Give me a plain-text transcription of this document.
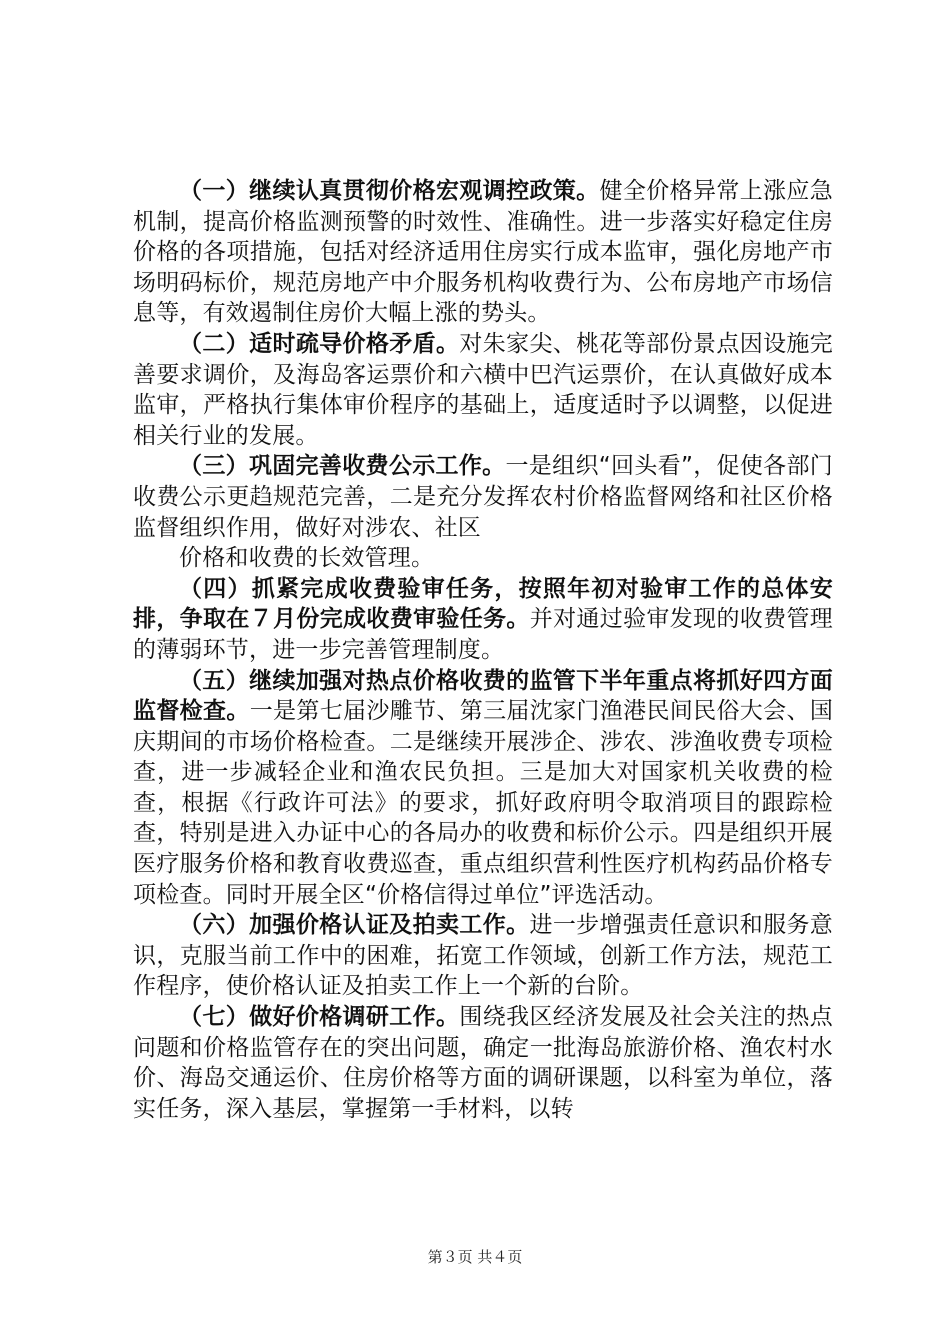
（一）继续认真贯彻价格宏观调控政策。健全价格异常上涨应急机制，提高价格监测预警的时效性、准确性。进一步落实好稳定住房价格的各项措施，包括对经济适用住房实行成本监审，强化房地产市场明码标价，规范房地产中介服务机构收费行为、公布房地产市场信息等，有效遏制住房价大幅上涨的势头。

（二）适时疏导价格矛盾。对朱家尖、桃花等部份景点因设施完善要求调价，及海岛客运票价和六横中巴汽运票价，在认真做好成本监审，严格执行集体审价程序的基础上，适度适时予以调整，以促进相关行业的发展。

（三）巩固完善收费公示工作。一是组织“回头看”，促使各部门收费公示更趋规范完善，二是充分发挥农村价格监督网络和社区价格监督组织作用，做好对涉农、社区

价格和收费的长效管理。

（四）抓紧完成收费验审任务，按照年初对验审工作的总体安排，争取在７月份完成收费审验任务。并对通过验审发现的收费管理的薄弱环节，进一步完善管理制度。

（五）继续加强对热点价格收费的监管下半年重点将抓好四方面监督检查。一是第七届沙雕节、第三届沈家门渔港民间民俗大会、国庆期间的市场价格检查。二是继续开展涉企、涉农、涉渔收费专项检查，进一步减轻企业和渔农民负担。三是加大对国家机关收费的检查，根据《行政许可法》的要求，抓好政府明令取消项目的跟踪检查，特别是进入办证中心的各局办的收费和标价公示。四是组织开展医疗服务价格和教育收费巡查，重点组织营利性医疗机构药品价格专项检查。同时开展全区“价格信得过单位”评选活动。

（六）加强价格认证及拍卖工作。进一步增强责任意识和服务意识，克服当前工作中的困难，拓宽工作领域，创新工作方法，规范工作程序，使价格认证及拍卖工作上一个新的台阶。

（七）做好价格调研工作。围绕我区经济发展及社会关注的热点问题和价格监管存在的突出问题，确定一批海岛旅游价格、渔农村水价、海岛交通运价、住房价格等方面的调研课题，以科室为单位，落实任务，深入基层，掌握第一手材料，以转

第３页 共４页
